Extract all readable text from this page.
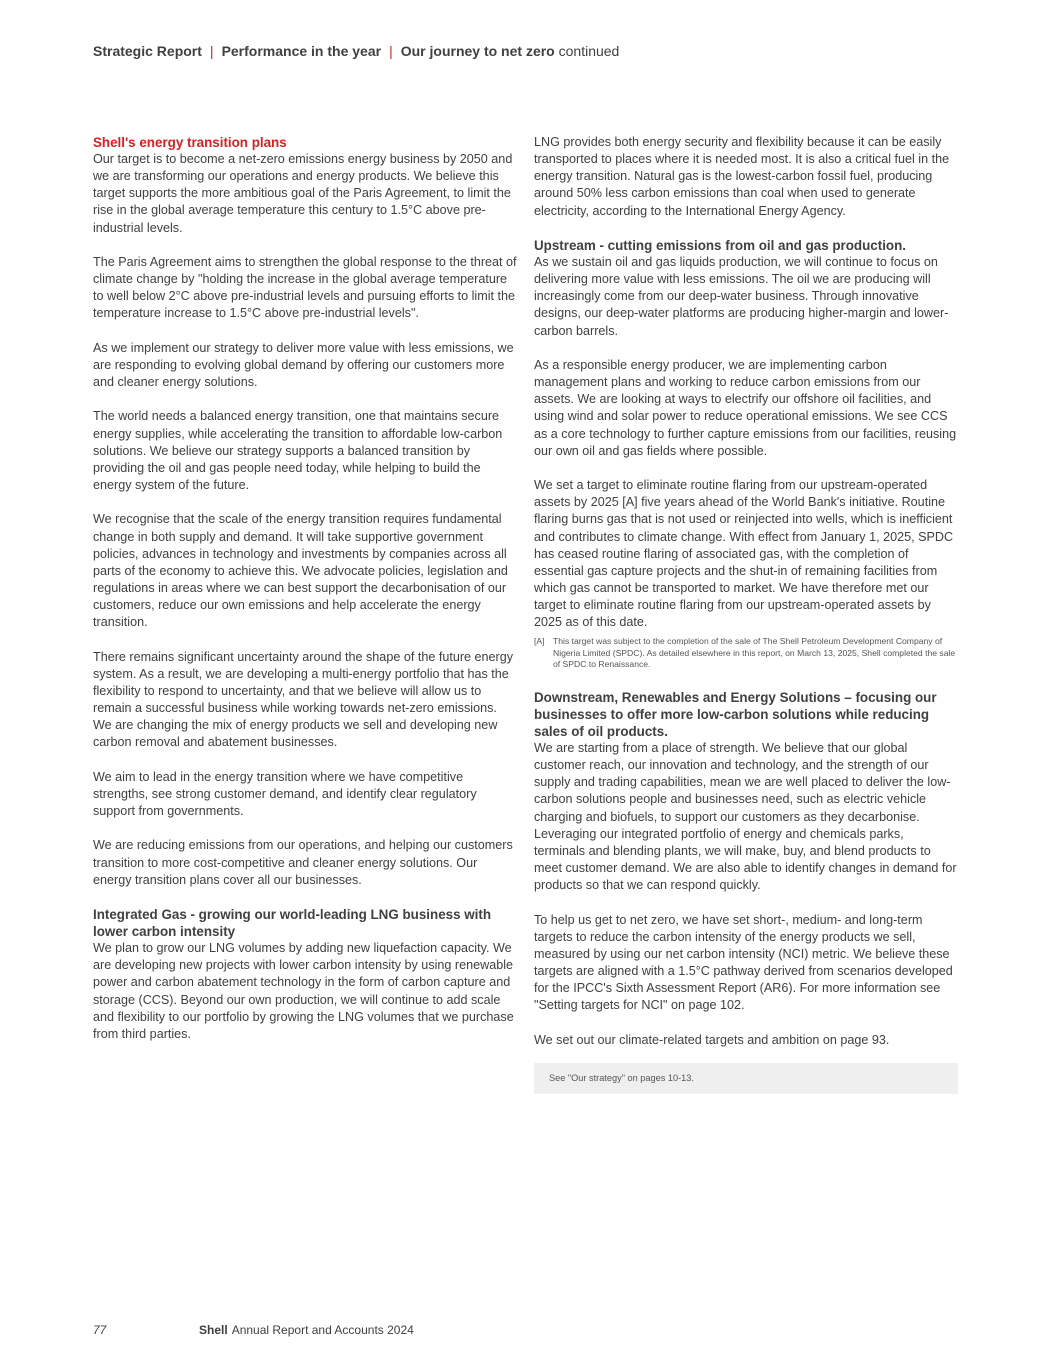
Strategic Report | Performance in the year | Our journey to net zero continued
Shell's energy transition plans

Our target is to become a net-zero emissions energy business by 2050 and we are transforming our operations and energy products. We believe this target supports the more ambitious goal of the Paris Agreement, to limit the rise in the global average temperature this century to 1.5°C above pre-industrial levels.

The Paris Agreement aims to strengthen the global response to the threat of climate change by "holding the increase in the global average temperature to well below 2°C above pre-industrial levels and pursuing efforts to limit the temperature increase to 1.5°C above pre-industrial levels".

As we implement our strategy to deliver more value with less emissions, we are responding to evolving global demand by offering our customers more and cleaner energy solutions.

The world needs a balanced energy transition, one that maintains secure energy supplies, while accelerating the transition to affordable low-carbon solutions. We believe our strategy supports a balanced transition by providing the oil and gas people need today, while helping to build the energy system of the future.

We recognise that the scale of the energy transition requires fundamental change in both supply and demand. It will take supportive government policies, advances in technology and investments by companies across all parts of the economy to achieve this. We advocate policies, legislation and regulations in areas where we can best support the decarbonisation of our customers, reduce our own emissions and help accelerate the energy transition.

There remains significant uncertainty around the shape of the future energy system. As a result, we are developing a multi-energy portfolio that has the flexibility to respond to uncertainty, and that we believe will allow us to remain a successful business while working towards net-zero emissions. We are changing the mix of energy products we sell and developing new carbon removal and abatement businesses.

We aim to lead in the energy transition where we have competitive strengths, see strong customer demand, and identify clear regulatory support from governments.

We are reducing emissions from our operations, and helping our customers transition to more cost-competitive and cleaner energy solutions. Our energy transition plans cover all our businesses.

Integrated Gas - growing our world-leading LNG business with lower carbon intensity

We plan to grow our LNG volumes by adding new liquefaction capacity. We are developing new projects with lower carbon intensity by using renewable power and carbon abatement technology in the form of carbon capture and storage (CCS). Beyond our own production, we will continue to add scale and flexibility to our portfolio by growing the LNG volumes that we purchase from third parties.

LNG provides both energy security and flexibility because it can be easily transported to places where it is needed most. It is also a critical fuel in the energy transition. Natural gas is the lowest-carbon fossil fuel, producing around 50% less carbon emissions than coal when used to generate electricity, according to the International Energy Agency.

Upstream - cutting emissions from oil and gas production.

As we sustain oil and gas liquids production, we will continue to focus on delivering more value with less emissions. The oil we are producing will increasingly come from our deep-water business. Through innovative designs, our deep-water platforms are producing higher-margin and lower-carbon barrels.

As a responsible energy producer, we are implementing carbon management plans and working to reduce carbon emissions from our assets. We are looking at ways to electrify our offshore oil facilities, and using wind and solar power to reduce operational emissions. We see CCS as a core technology to further capture emissions from our facilities, reusing our own oil and gas fields where possible.

We set a target to eliminate routine flaring from our upstream-operated assets by 2025 [A] five years ahead of the World Bank's initiative. Routine flaring burns gas that is not used or reinjected into wells, which is inefficient and contributes to climate change. With effect from January 1, 2025, SPDC has ceased routine flaring of associated gas, with the completion of essential gas capture projects and the shut-in of remaining facilities from which gas cannot be transported to market. We have therefore met our target to eliminate routine flaring from our upstream-operated assets by 2025 as of this date.

[A] This target was subject to the completion of the sale of The Shell Petroleum Development Company of Nigeria Limited (SPDC). As detailed elsewhere in this report, on March 13, 2025, Shell completed the sale of SPDC to Renaissance.
Downstream, Renewables and Energy Solutions – focusing our businesses to offer more low-carbon solutions while reducing sales of oil products.

We are starting from a place of strength. We believe that our global customer reach, our innovation and technology, and the strength of our supply and trading capabilities, mean we are well placed to deliver the low-carbon solutions people and businesses need, such as electric vehicle charging and biofuels, to support our customers as they decarbonise. Leveraging our integrated portfolio of energy and chemicals parks, terminals and blending plants, we will make, buy, and blend products to meet customer demand. We are also able to identify changes in demand for products so that we can respond quickly.

To help us get to net zero, we have set short-, medium- and long-term targets to reduce the carbon intensity of the energy products we sell, measured by using our net carbon intensity (NCI) metric. We believe these targets are aligned with a 1.5°C pathway derived from scenarios developed for the IPCC's Sixth Assessment Report (AR6). For more information see "Setting targets for NCI" on page 102.

We set out our climate-related targets and ambition on page 93.

See "Our strategy" on pages 10-13.
77	Shell Annual Report and Accounts 2024
